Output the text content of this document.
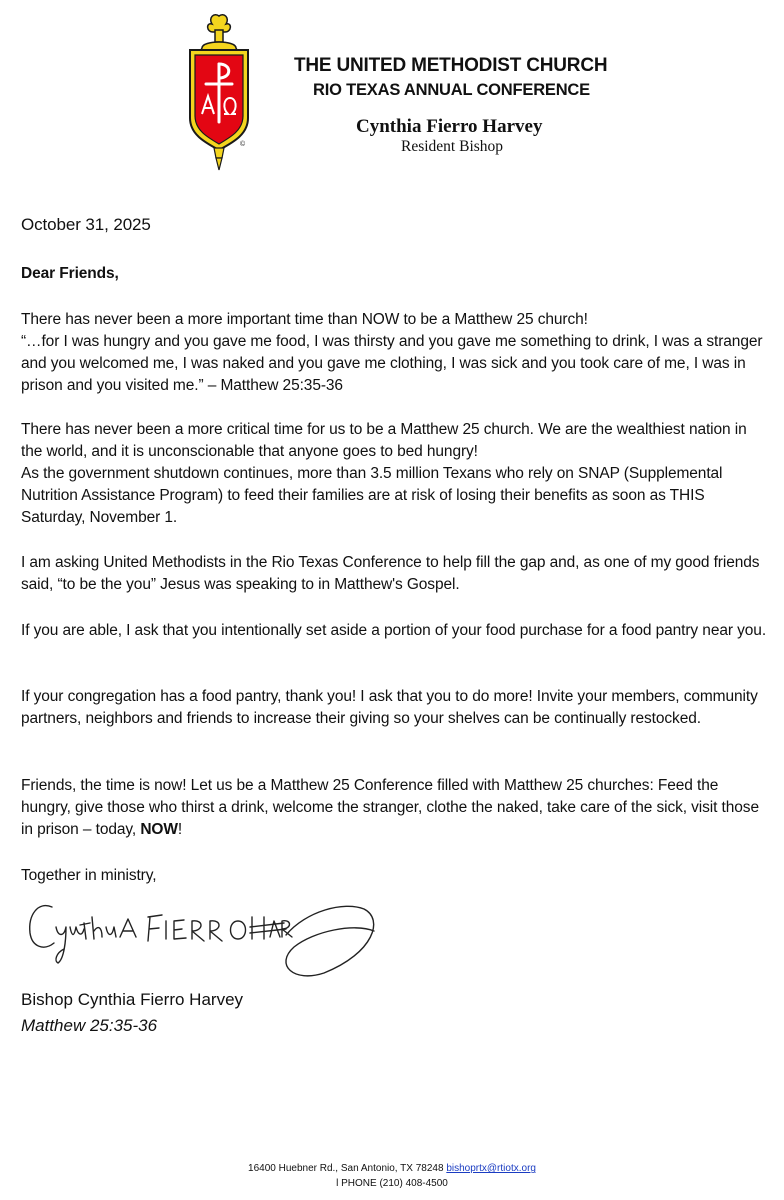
©
THE UNITED METHODIST CHURCH
RIO TEXAS ANNUAL CONFERENCE
Cynthia Fierro Harvey
Resident Bishop
October 31, 2025
Dear Friends,

There has never been a more important time than NOW to be a Matthew 25 church!

“…for I was hungry and you gave me food, I was thirsty and you gave me something to drink, I was a stranger and you welcomed me, I was naked and you gave me clothing, I was sick and you took care of me, I was in prison and you visited me.” – Matthew 25:35-36

There has never been a more critical time for us to be a Matthew 25 church. We are the wealthiest nation in the world, and it is unconscionable that anyone goes to bed hungry!

As the government shutdown continues, more than 3.5 million Texans who rely on SNAP (Supplemental Nutrition Assistance Program) to feed their families are at risk of losing their benefits as soon as THIS Saturday, November 1.

I am asking United Methodists in the Rio Texas Conference to help fill the gap and, as one of my good friends said, “to be the you” Jesus was speaking to in Matthew's Gospel.
If you are able, I ask that you intentionally set aside a portion of your food purchase for a food pantry near you.
If your congregation has a food pantry, thank you! I ask that you to do more! Invite your members, community partners, neighbors and friends to increase their giving so your shelves can be continually restocked.
Friends, the time is now! Let us be a Matthew 25 Conference filled with Matthew 25 churches: Feed the hungry, give those who thirst a drink, welcome the stranger, clothe the naked, take care of the sick, visit those in prison – today, NOW!
Together in ministry,
Bishop Cynthia Fierro Harvey
Matthew 25:35-36
16400 Huebner Rd., San Antonio, TX 78248 bishoprtx@rtiotx.org
l PHONE (210) 408-4500
